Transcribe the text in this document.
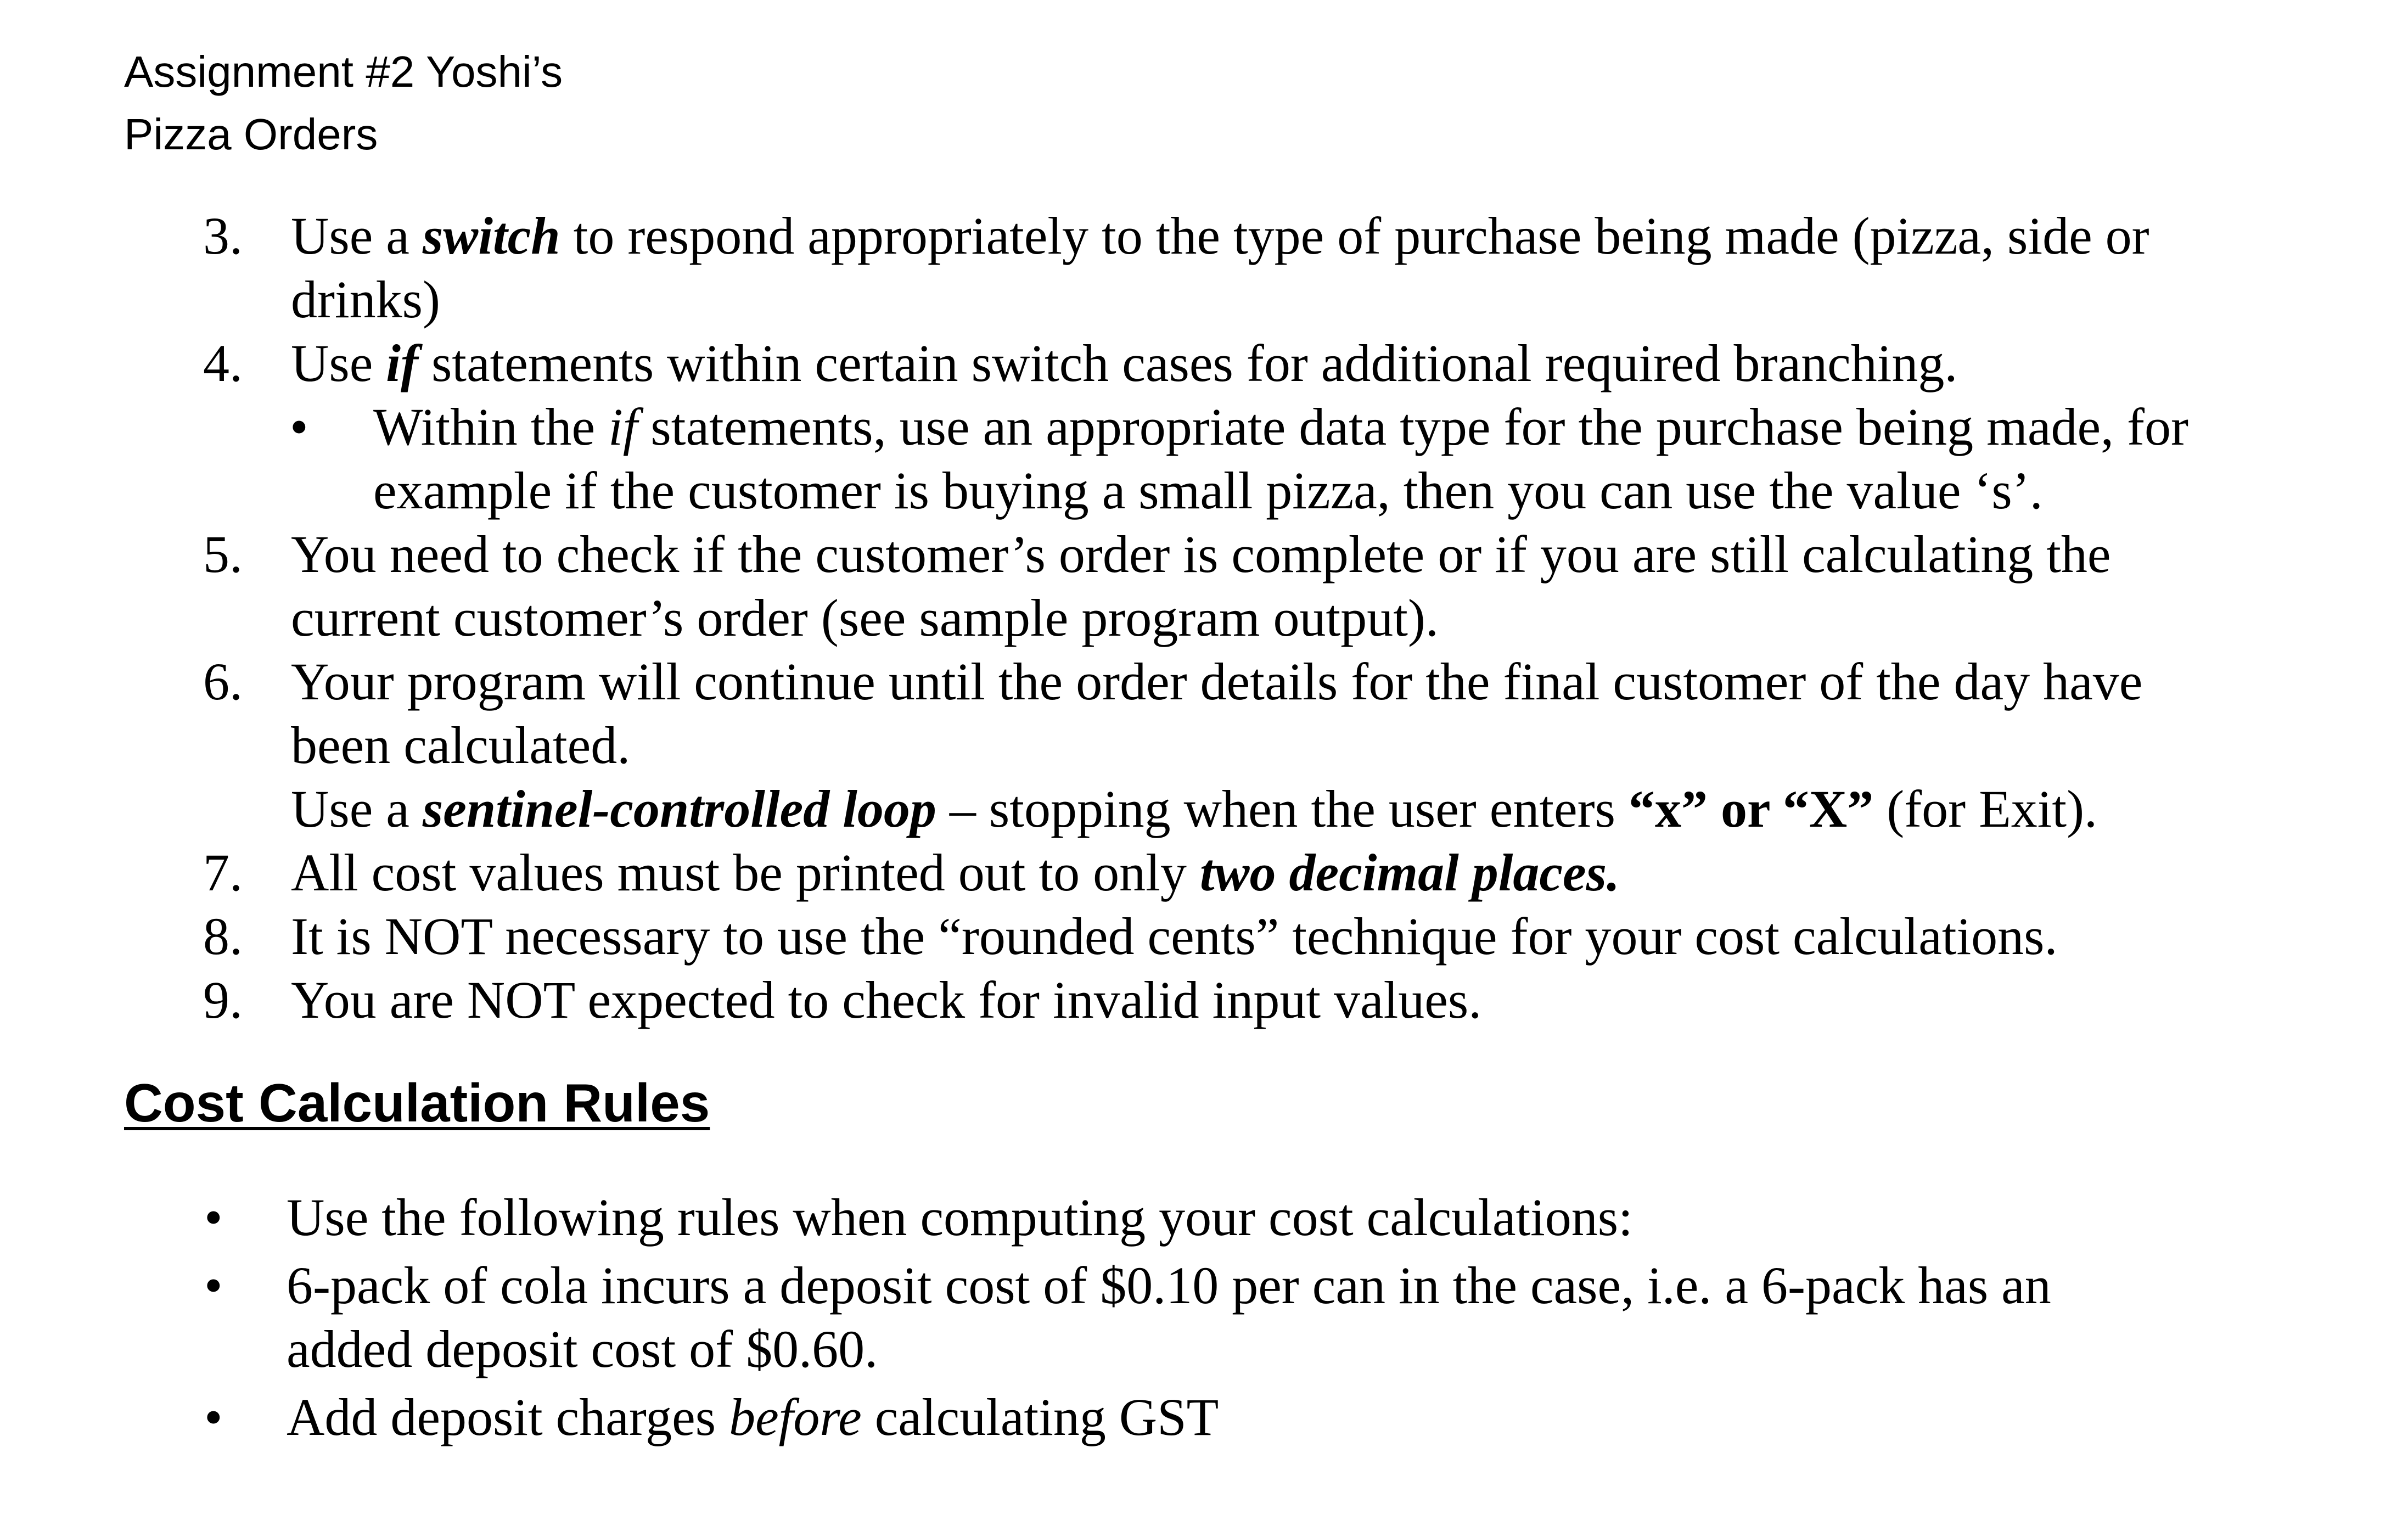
Assignment #2 Yoshi’s
Pizza Orders
3. Use a switch to respond appropriately to the type of purchase being made (pizza, side or
drinks)
4. Use if statements within certain switch cases for additional required branching.
• Within the if statements, use an appropriate data type for the purchase being made, for
example if the customer is buying a small pizza, then you can use the value ‘s’.
5. You need to check if the customer’s order is complete or if you are still calculating the
current customer’s order (see sample program output).
6. Your program will continue until the order details for the final customer of the day have
been calculated.
Use a sentinel-controlled loop – stopping when the user enters “x” or “X” (for Exit).
7. All cost values must be printed out to only two decimal places.
8. It is NOT necessary to use the “rounded cents” technique for your cost calculations.
9. You are NOT expected to check for invalid input values.
Cost Calculation Rules
• Use the following rules when computing your cost calculations:
• 6-pack of cola incurs a deposit cost of $0.10 per can in the case, i.e. a 6-pack has an
added deposit cost of $0.60.
• Add deposit charges before calculating GST
